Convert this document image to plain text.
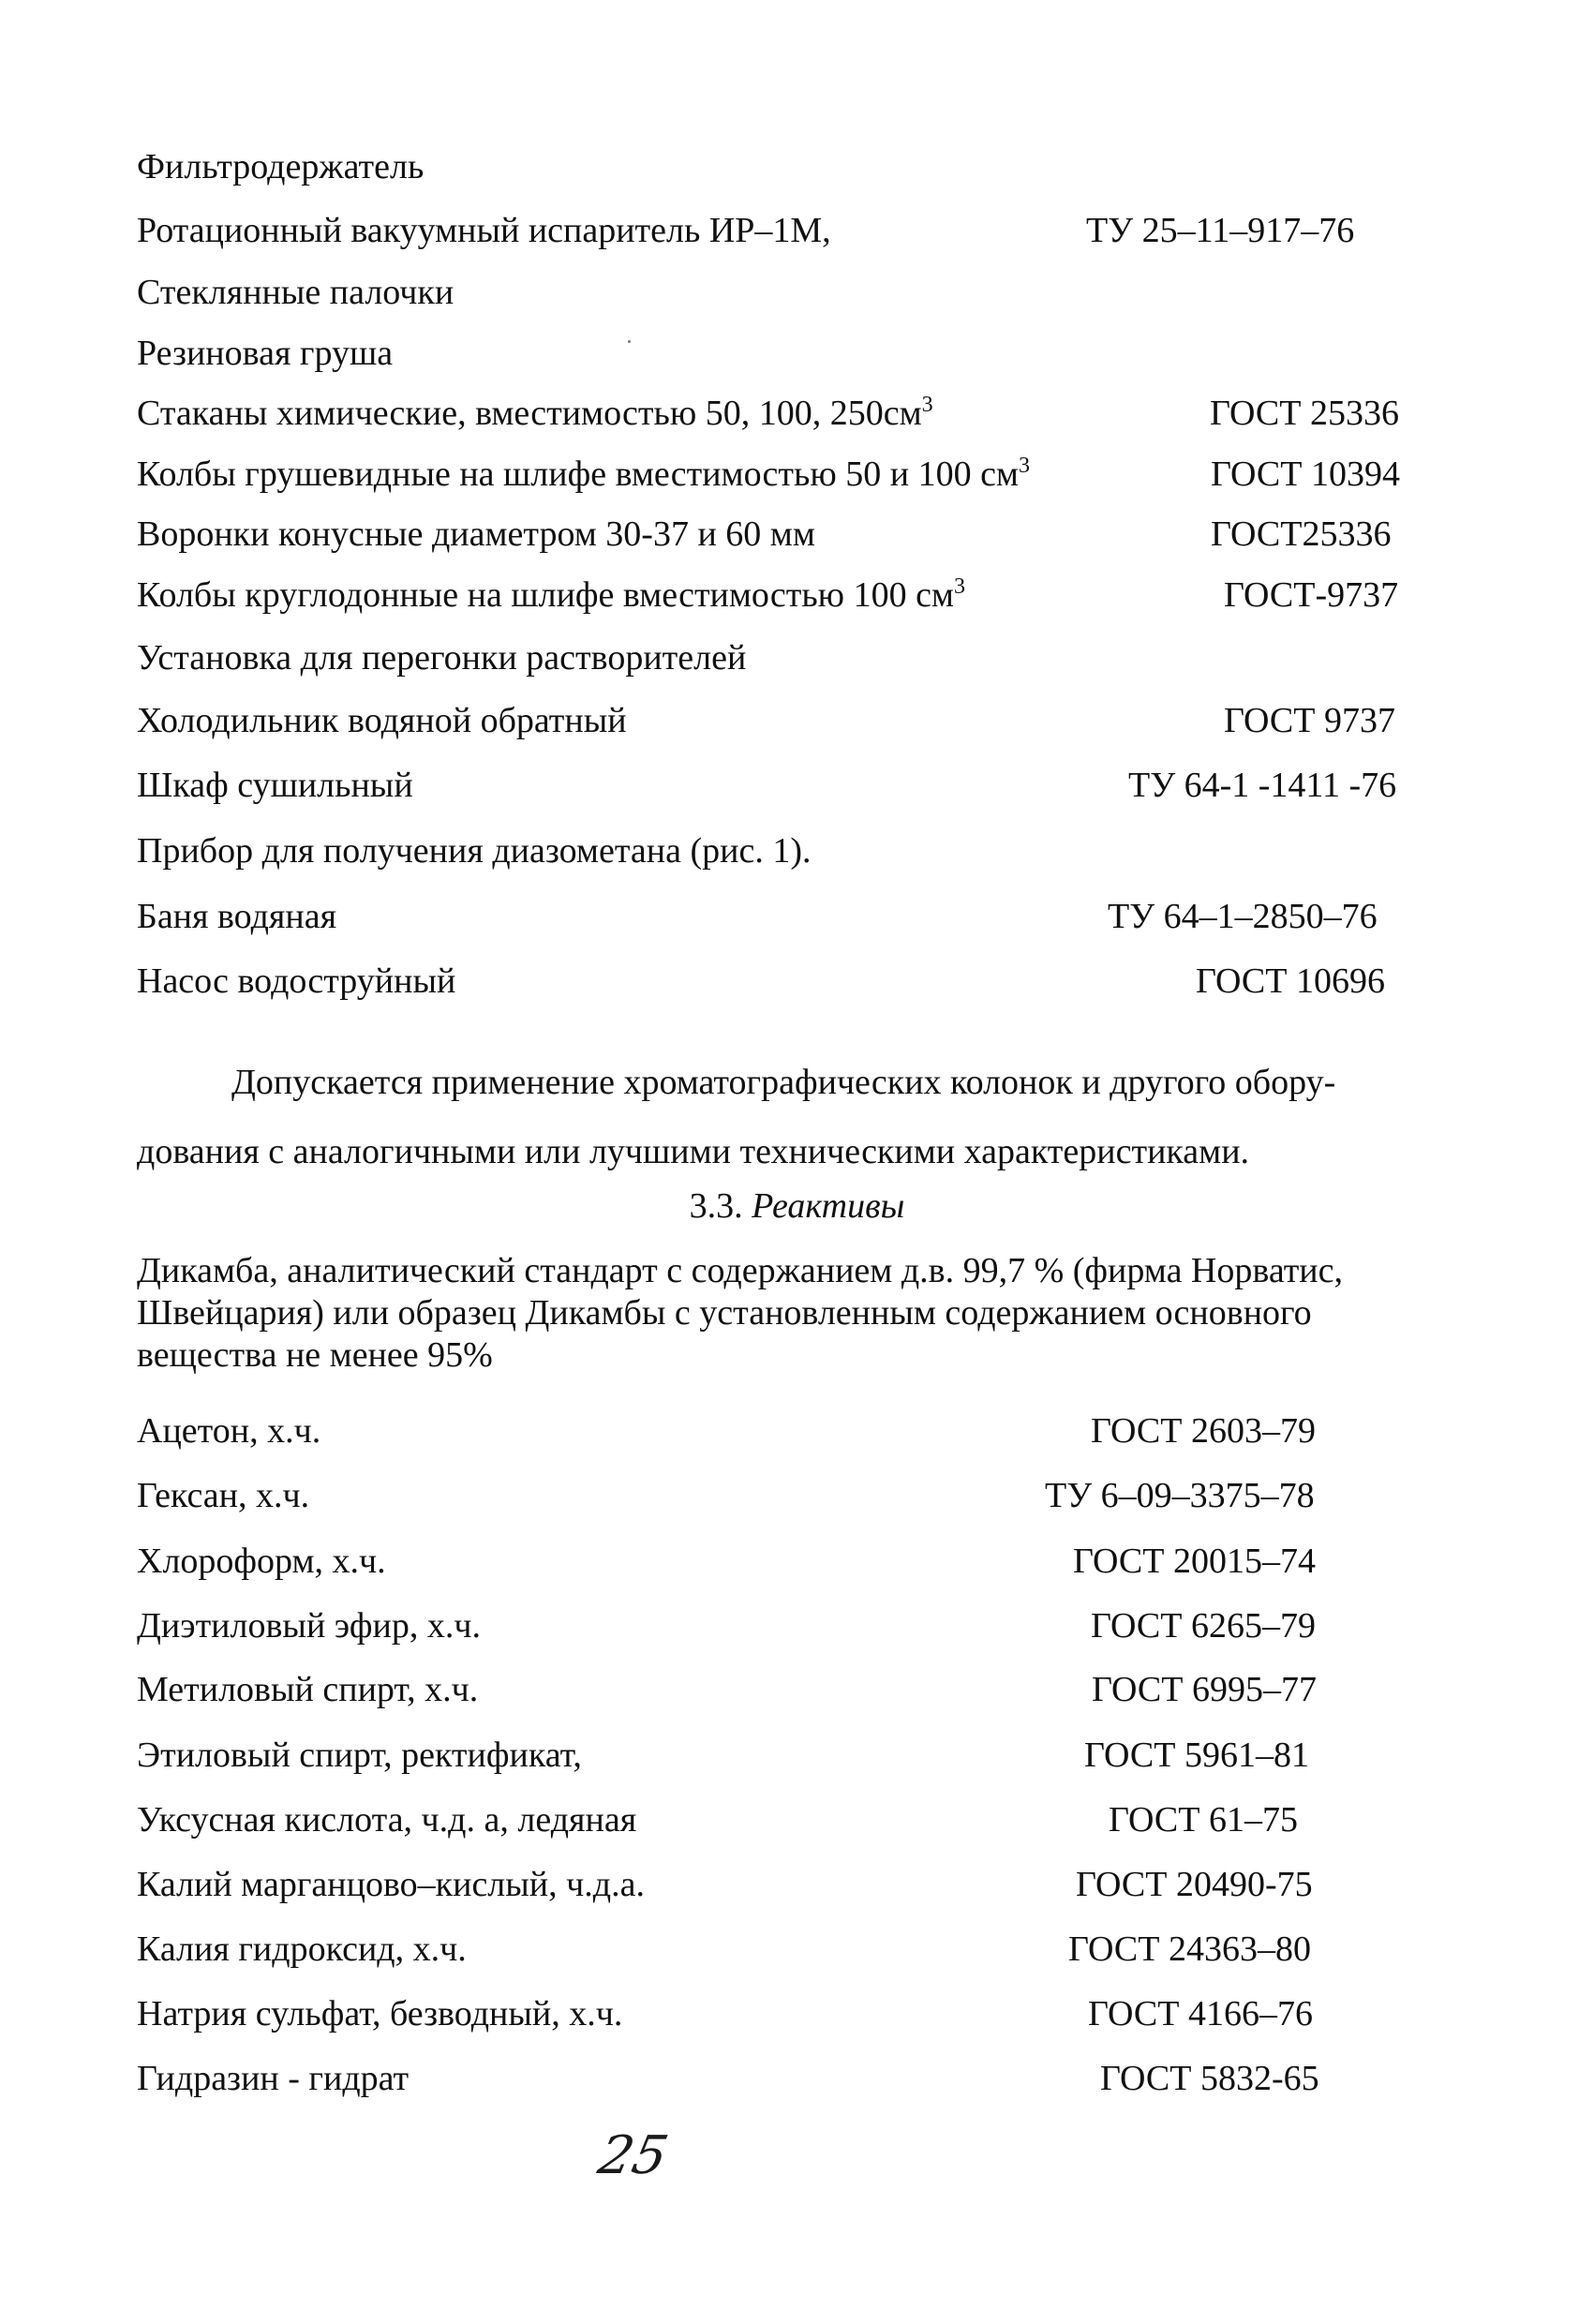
Фильтродержатель
Ротационный вакуумный испаритель ИР–1М,	ТУ 25–11–917–76
Стеклянные палочки
Резиновая груша
Стаканы химические, вместимостью 50, 100, $250см^3$	ГОСТ 25336
Колбы грушевидные на шлифе вместимостью 50 и 100 $см^3$	ГОСТ 10394
Воронки конусные диаметром 30-37 и 60 мм	ГОСТ25336
Колбы круглодонные на шлифе вместимостью 100 $см^3$	ГОСТ-9737
Установка для перегонки растворителей
Холодильник водяной обратный	ГОСТ 9737
Шкаф сушильный	ТУ 64-1 -1411 -76
Прибор для получения диазометана (рис. 1).
Баня водяная	ТУ 64–1–2850–76
Насос водоструйный	ГОСТ 10696
Допускается применение хроматографических колонок и другого обору-
дования с аналогичными или лучшими техническими характеристиками.
3.3. Реактивы
Дикамба, аналитический стандарт с содержанием д.в. 99,7 % (фирма Норватис,
Швейцария) или образец Дикамбы с установленным содержанием основного
вещества не менее 95%
Ацетон, х.ч.	ГОСТ 2603–79
Гексан, х.ч.	ТУ 6–09–3375–78
Хлороформ, х.ч.	ГОСТ 20015–74
Диэтиловый эфир, х.ч.	ГОСТ 6265–79
Метиловый спирт, х.ч.	ГОСТ 6995–77
Этиловый спирт, ректификат,	ГОСТ 5961–81
Уксусная кислота, ч.д. а, ледяная	ГОСТ 61–75
Калий марганцово–кислый, ч.д.а.	ГОСТ 20490-75
Калия гидроксид, х.ч.	ГОСТ 24363–80
Натрия сульфат, безводный, х.ч.	ГОСТ 4166–76
Гидразин - гидрат	ГОСТ 5832-65
25
